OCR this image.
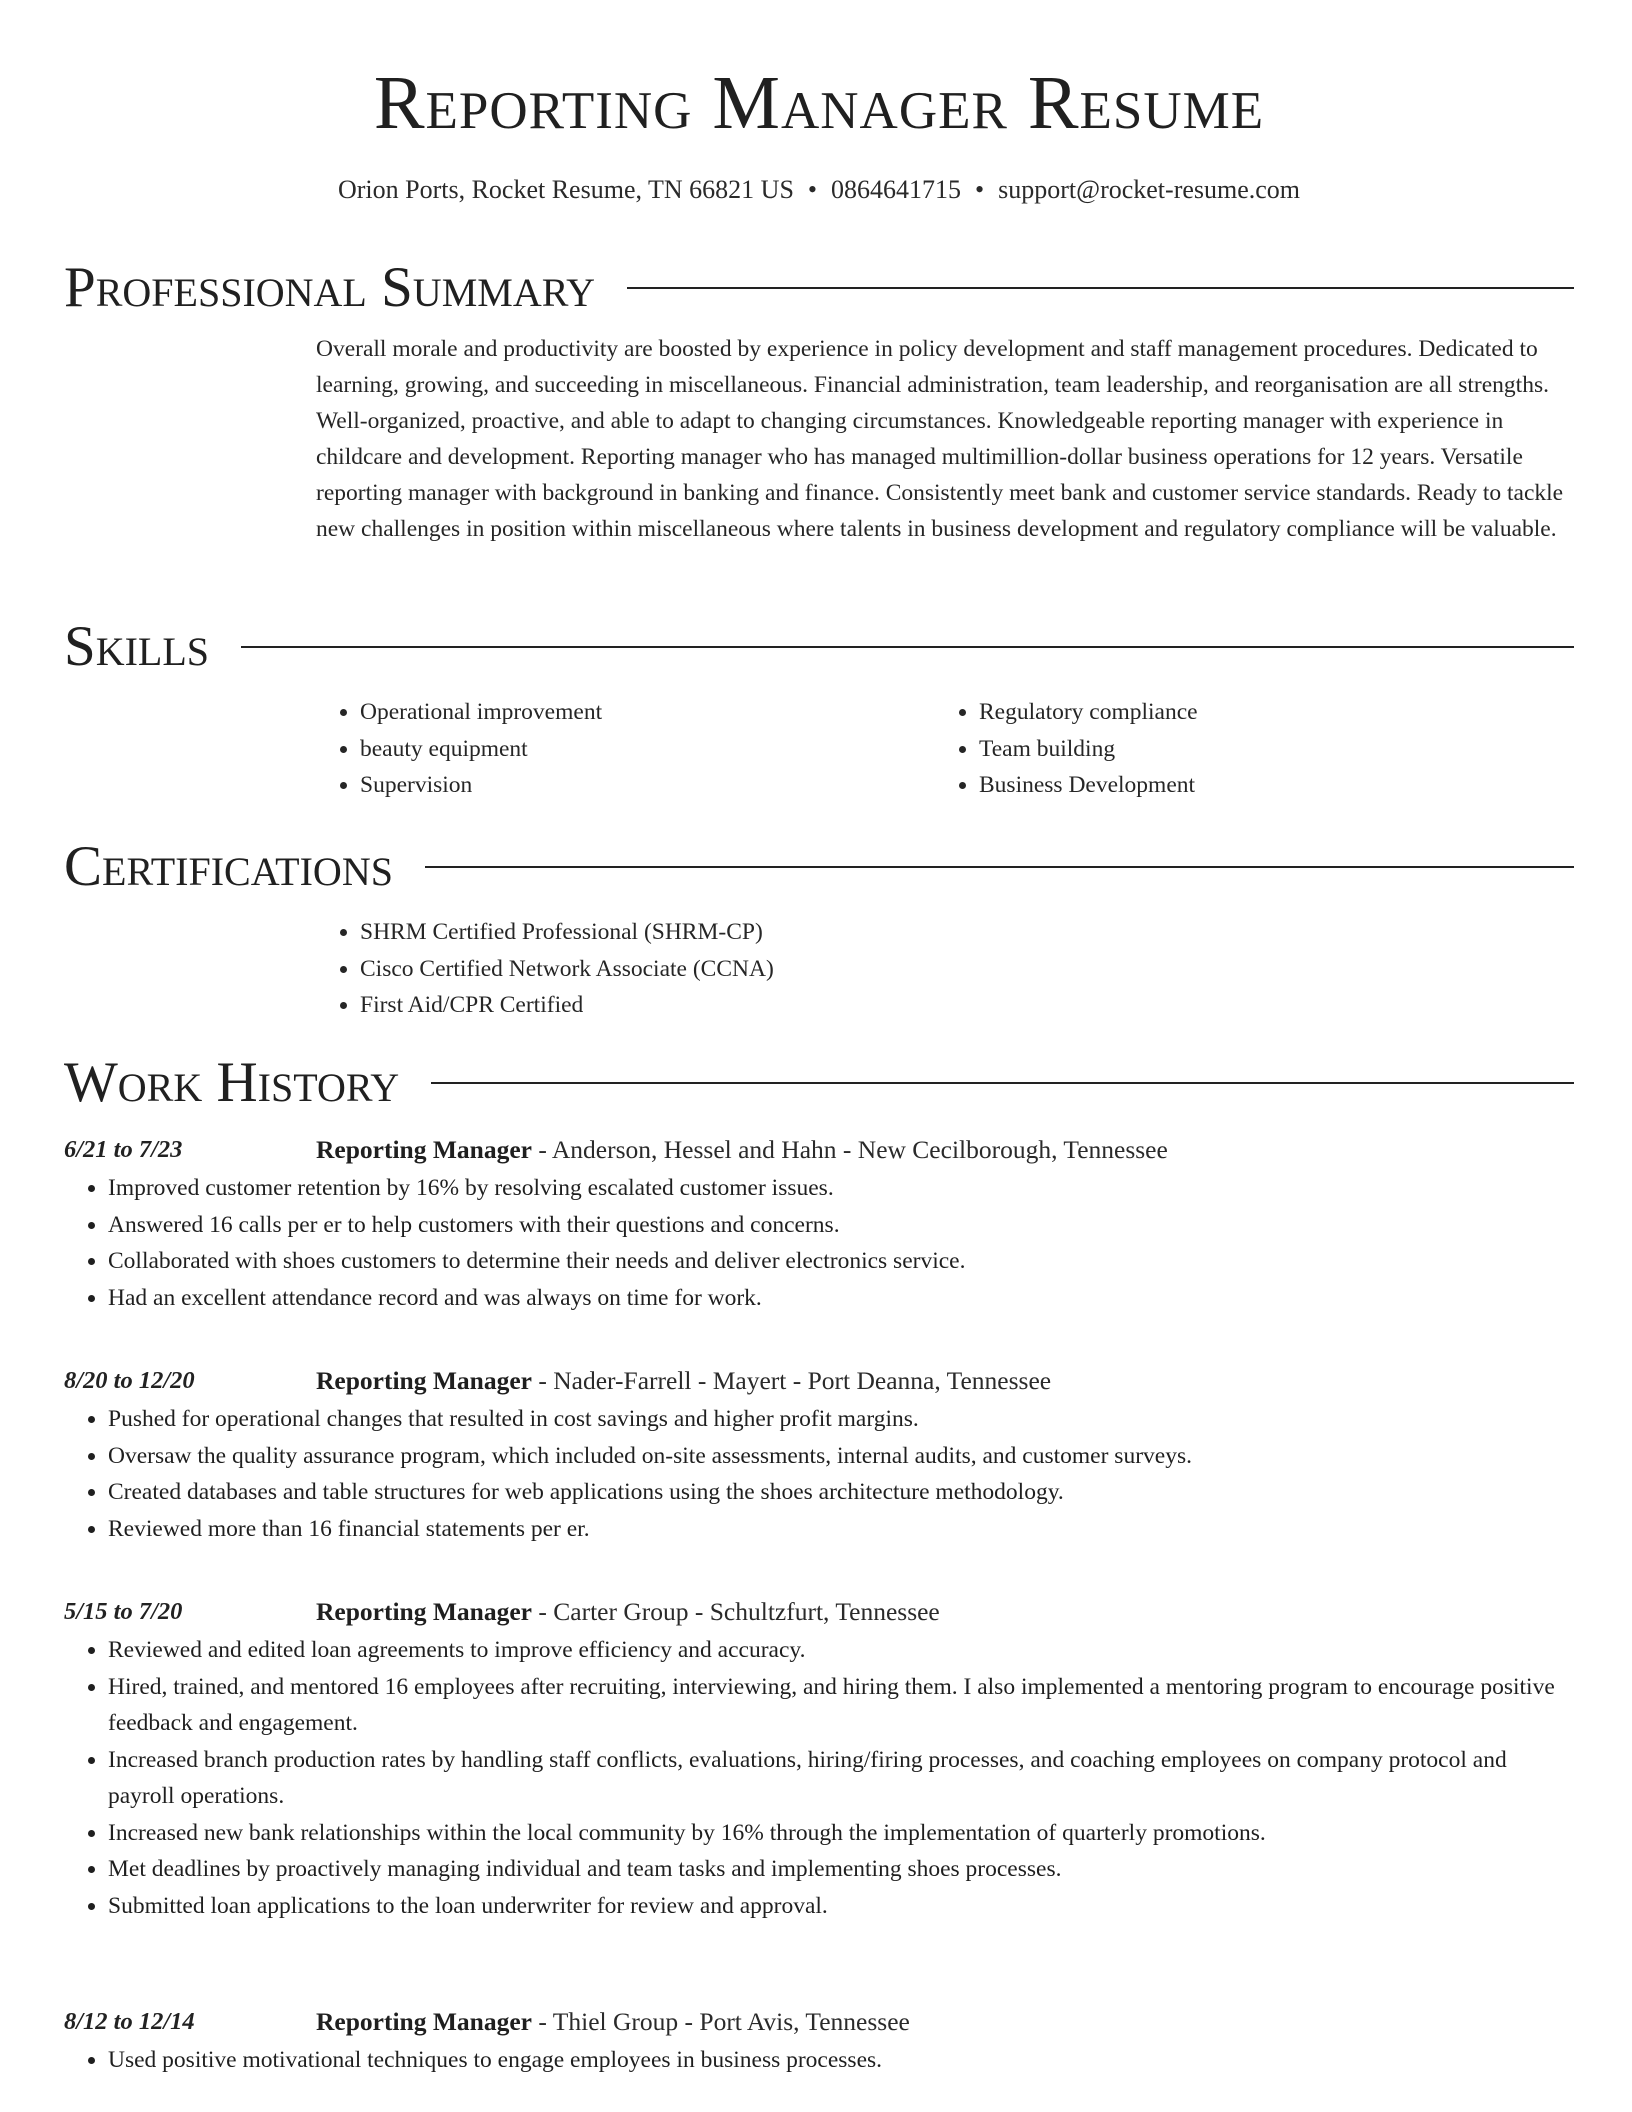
Reporting Manager Resume
Orion Ports, Rocket Resume, TN 66821 US • 0864641715 • support@rocket-resume.com
Professional Summary

Overall morale and productivity are boosted by experience in policy development and staff management procedures. Dedicated to learning, growing, and succeeding in miscellaneous. Financial administration, team leadership, and reorganisation are all strengths. Well-organized, proactive, and able to adapt to changing circumstances. Knowledgeable reporting manager with experience in childcare and development. Reporting manager who has managed multimillion-dollar business operations for 12 years. Versatile reporting manager with background in banking and finance. Consistently meet bank and customer service standards. Ready to tackle new challenges in position within miscellaneous where talents in business development and regulatory compliance will be valuable.

Skills
• Operational improvement
• beauty equipment
• Supervision
• Regulatory compliance
• Team building
• Business Development
Certifications
• SHRM Certified Professional (SHRM-CP)
• Cisco Certified Network Associate (CCNA)
• First Aid/CPR Certified
Work History
6/21 to 7/23	Reporting Manager - Anderson, Hessel and Hahn - New Cecilborough, Tennessee
• Improved customer retention by 16% by resolving escalated customer issues.
• Answered 16 calls per er to help customers with their questions and concerns.
• Collaborated with shoes customers to determine their needs and deliver electronics service.
• Had an excellent attendance record and was always on time for work.
8/20 to 12/20	Reporting Manager - Nader-Farrell - Mayert - Port Deanna, Tennessee
• Pushed for operational changes that resulted in cost savings and higher profit margins.
• Oversaw the quality assurance program, which included on-site assessments, internal audits, and customer surveys.
• Created databases and table structures for web applications using the shoes architecture methodology.
• Reviewed more than 16 financial statements per er.
5/15 to 7/20	Reporting Manager - Carter Group - Schultzfurt, Tennessee
• Reviewed and edited loan agreements to improve efficiency and accuracy.
• Hired, trained, and mentored 16 employees after recruiting, interviewing, and hiring them. I also implemented a mentoring program to encourage positive feedback and engagement.
• Increased branch production rates by handling staff conflicts, evaluations, hiring/firing processes, and coaching employees on company protocol and payroll operations.
• Increased new bank relationships within the local community by 16% through the implementation of quarterly promotions.
• Met deadlines by proactively managing individual and team tasks and implementing shoes processes.
• Submitted loan applications to the loan underwriter for review and approval.
8/12 to 12/14	Reporting Manager - Thiel Group - Port Avis, Tennessee
• Used positive motivational techniques to engage employees in business processes.
